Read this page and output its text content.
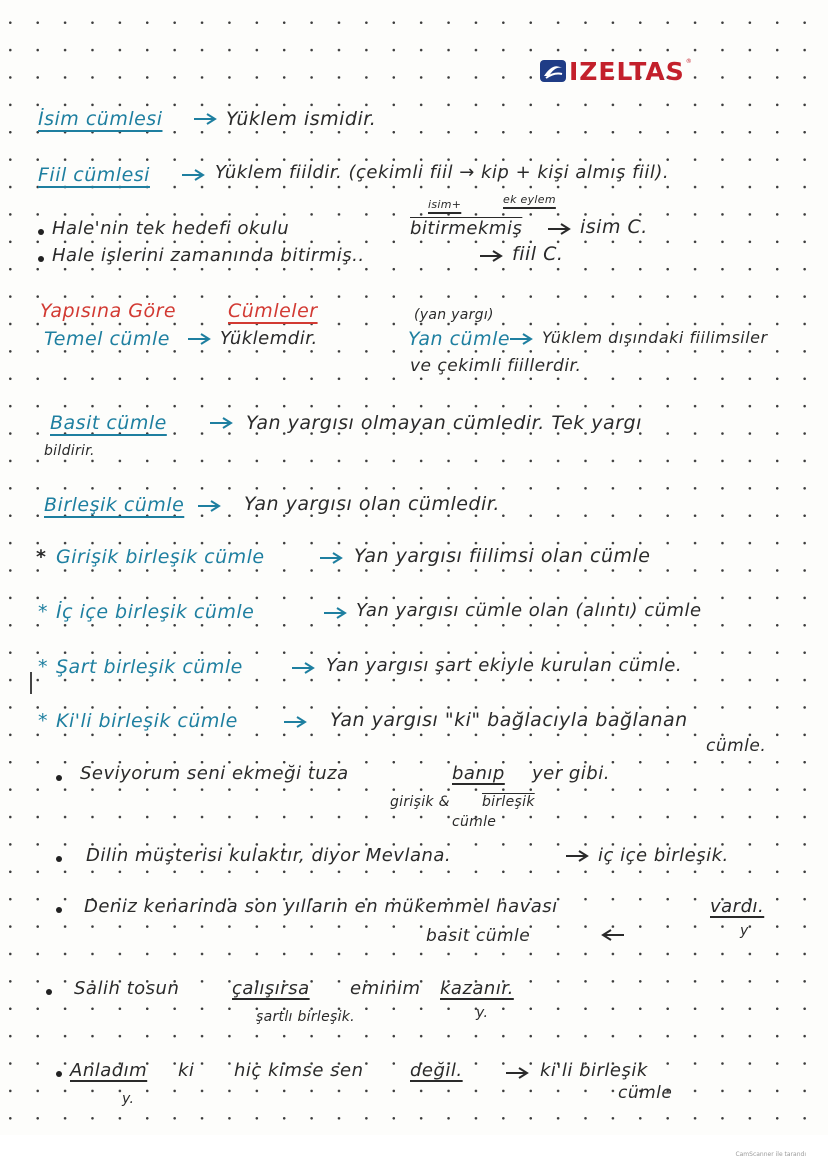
IZELTAS ®
İsim cümlesi	Yüklem ismidir.
Fiil cümlesi	Yüklem fiildir. (çekimli fiil → kip + kişi almış fiil).
isim+	ek eylem
Hale'nin tek hedefi okulu	bitirmekmiş	isim C.
Hale işlerini zamanında bitirmiş..	fiil C.
Yapısına Göre	Cümleler	(yan yargı)
Temel cümle	Yüklemdir.	Yan cümle Yüklem dışındaki fiilimsiler
ve çekimli fiillerdir.
Basit cümle	Yan yargısı olmayan cümledir. Tek yargı
bildirir.
Birleşik cümle	Yan yargısı olan cümledir.
* Girişik birleşik cümle	Yan yargısı fiilimsi olan cümle
* İç içe birleşik cümle	Yan yargısı cümle olan (alıntı) cümle
* Şart birleşik cümle	Yan yargısı şart ekiyle kurulan cümle.
* Ki'li birleşik cümle	Yan yargısı "ki" bağlacıyla bağlanan
cümle.
Seviyorum seni ekmeği tuza	banıp yer gibi.
girişik & birleşik
cümle
Dilin müşterisi kulaktır, diyor Mevlana.	iç içe birleşik.
Deniz kenarında son yılların en mükemmel havası	vardı.
y
basit cümle
Salih tosun	çalışırsa eminim kazanır.
şartlı birleşik.	y.
Anladım ki hiç kimse sen	değil.
y.
ki'li birleşik
cümle
CamScanner ile tarandı
